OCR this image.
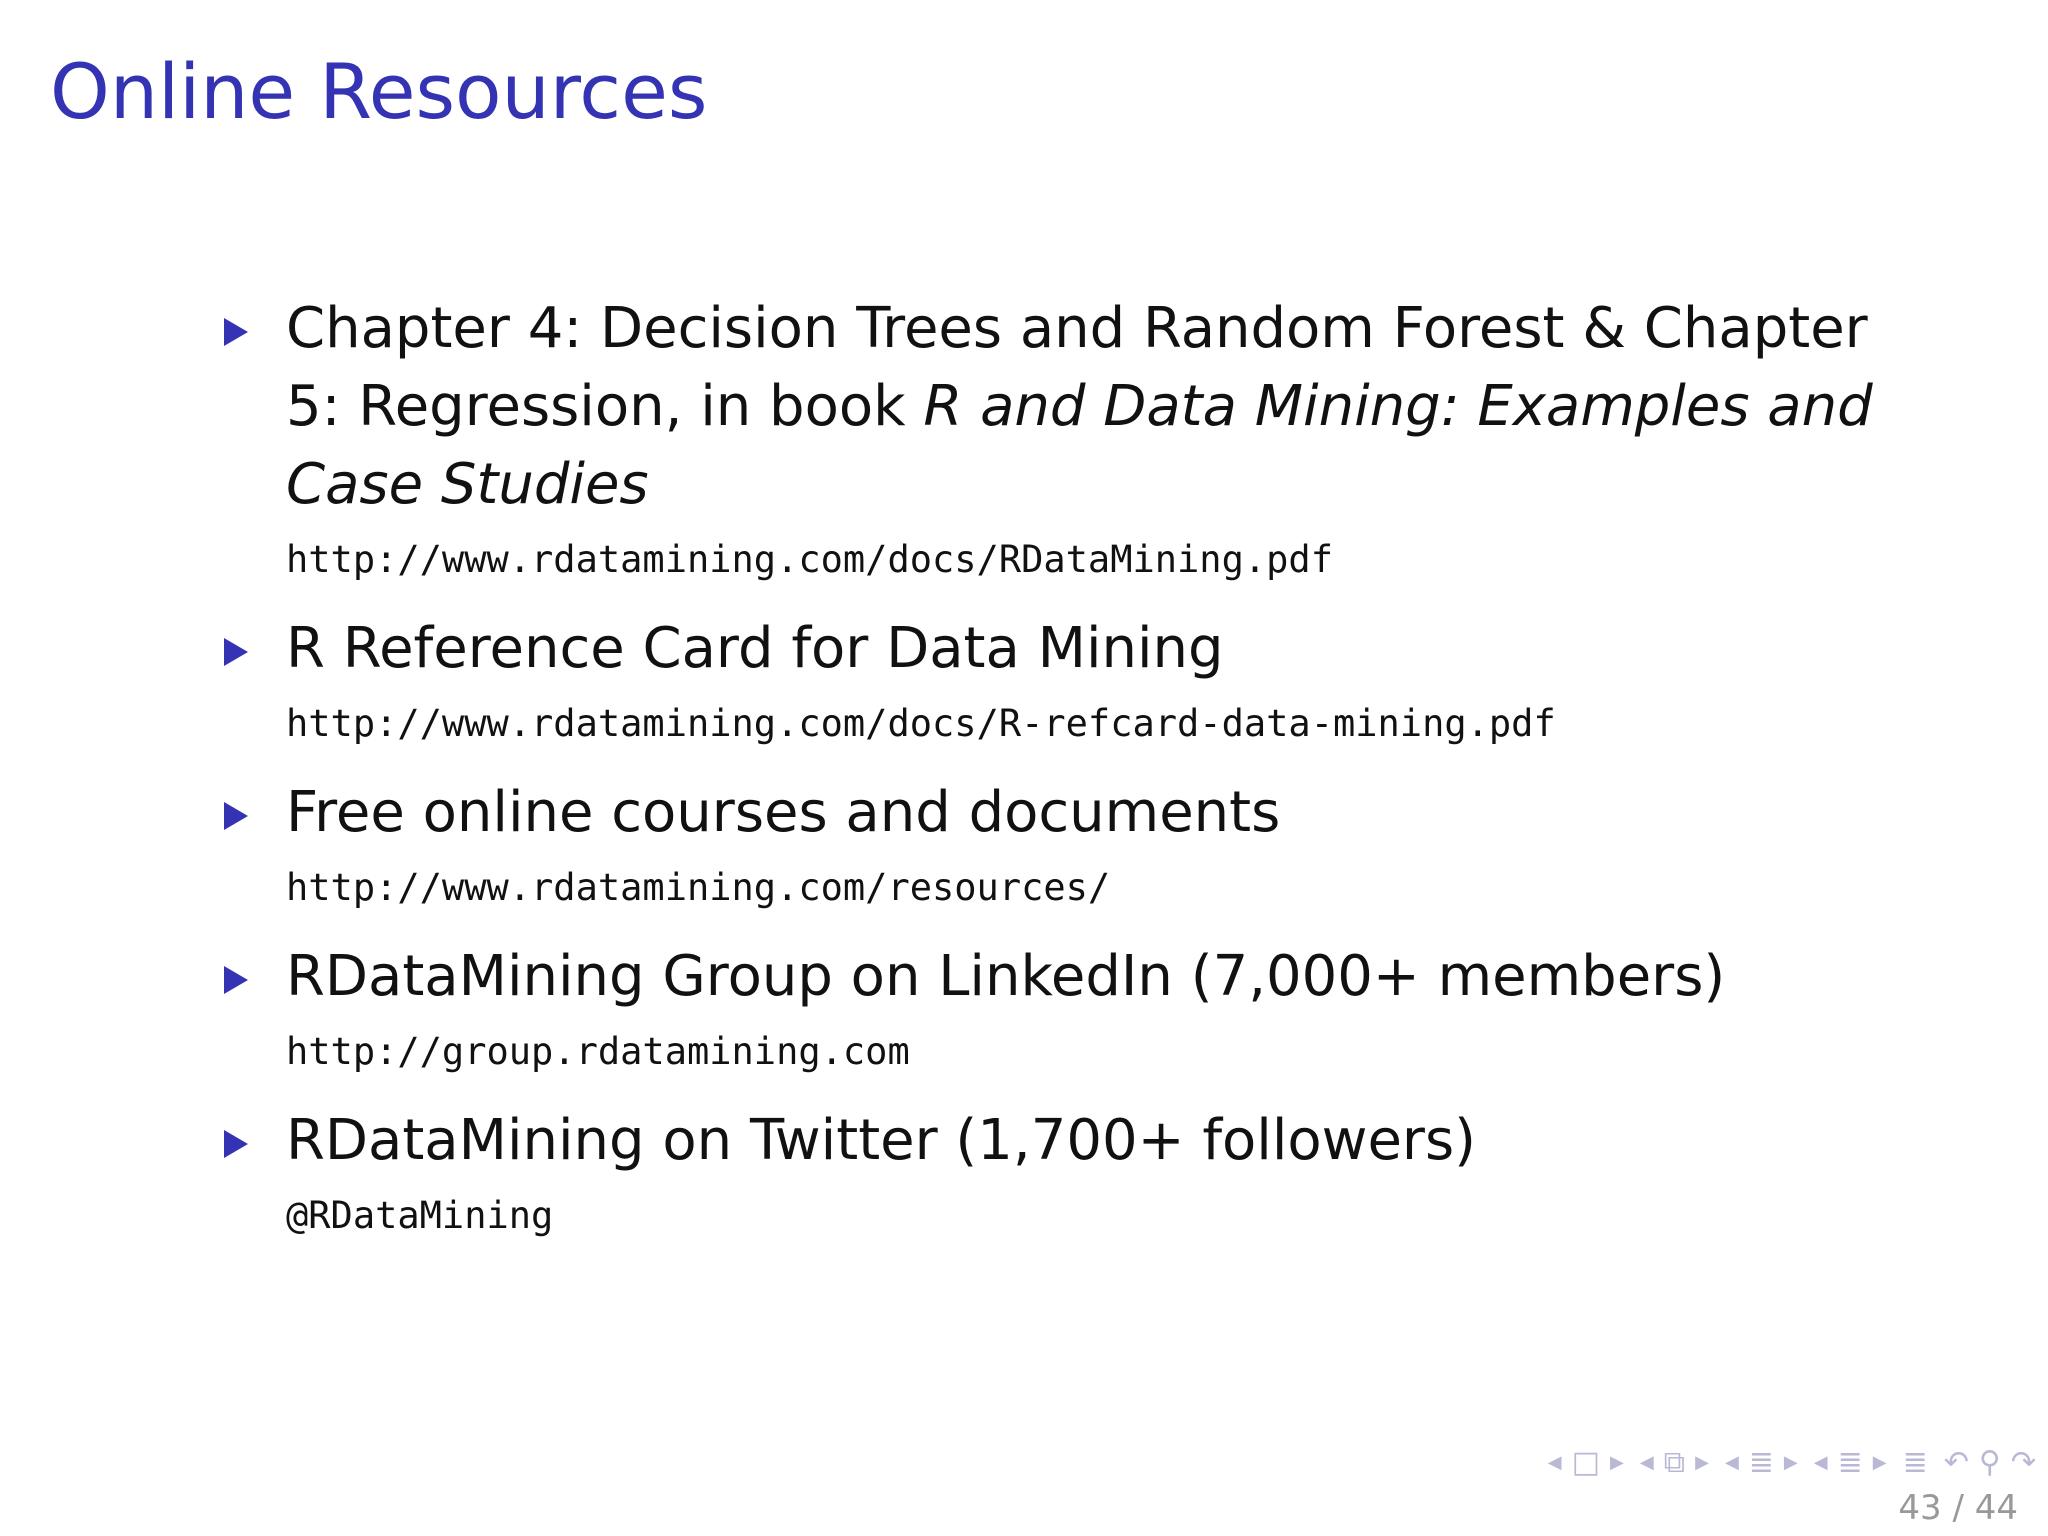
Online Resources
Chapter 4: Decision Trees and Random Forest & Chapter 5: Regression, in book R and Data Mining: Examples and Case Studies
http://www.rdatamining.com/docs/RDataMining.pdf
R Reference Card for Data Mining
http://www.rdatamining.com/docs/R-refcard-data-mining.pdf
Free online courses and documents
http://www.rdatamining.com/resources/
RDataMining Group on LinkedIn (7,000+ members)
http://group.rdatamining.com
RDataMining on Twitter (1,700+ followers)
@RDataMining
◀ □ ▶ ◀ ⧉ ▶ ◀ ≣ ▶ ◀ ≣ ▶ ≣ ↶ ⚲ ↷
43 / 44
